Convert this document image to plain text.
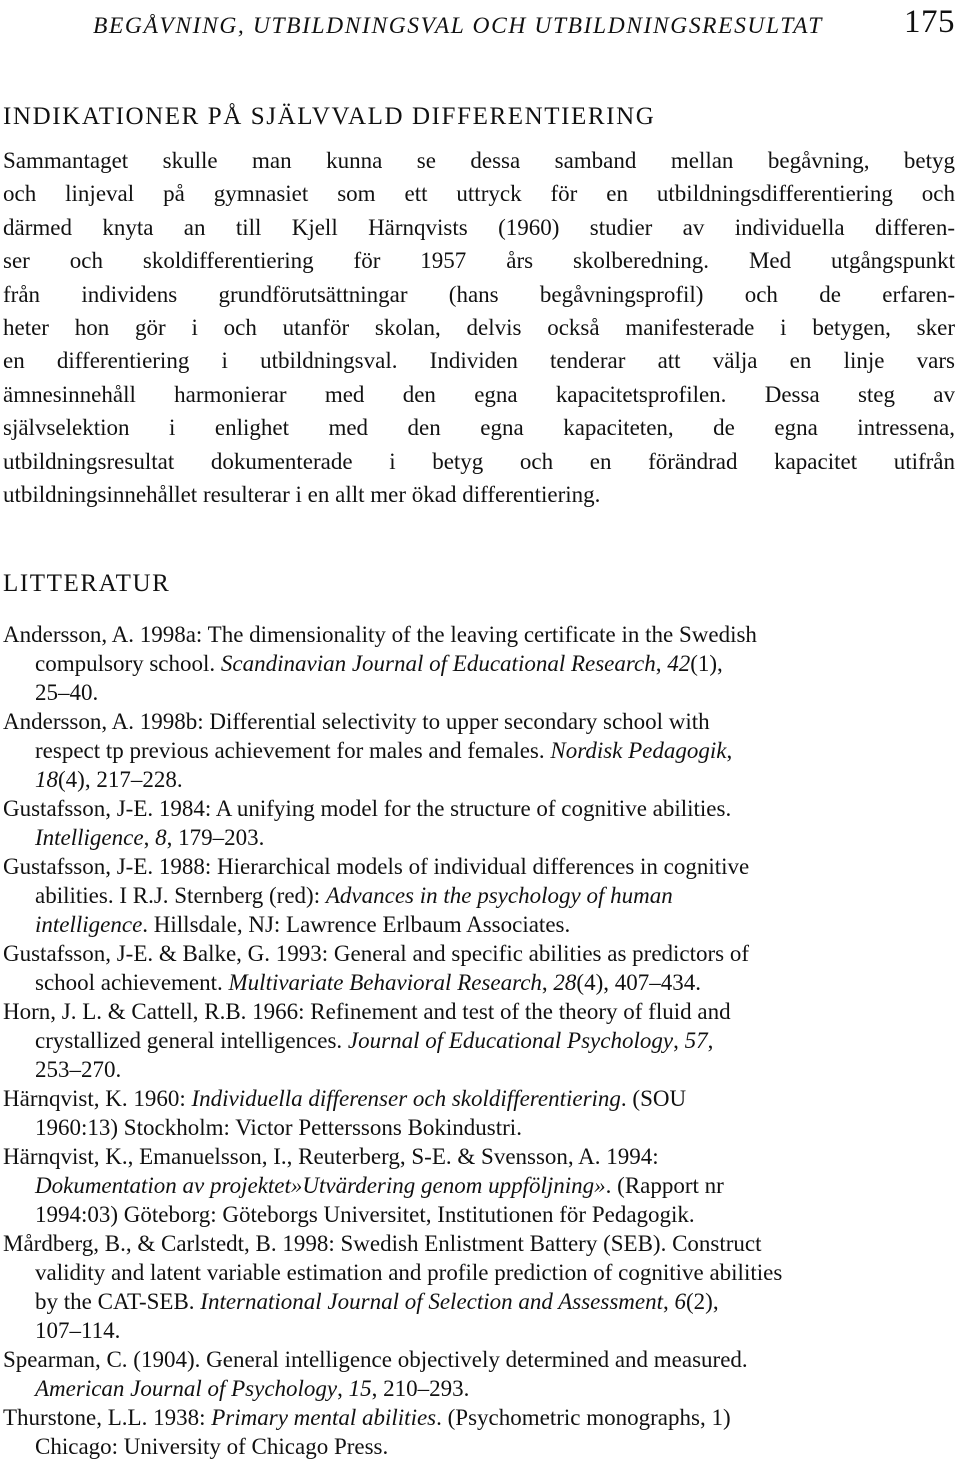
BEGÅVNING, UTBILDNINGSVAL OCH UTBILDNINGSRESULTAT 175
INDIKATIONER PÅ SJÄLVVALD DIFFERENTIERING
Sammantaget skulle man kunna se dessa samband mellan begåvning, betyg
och linjeval på gymnasiet som ett uttryck för en utbildningsdifferentiering och
därmed knyta an till Kjell Härnqvists (1960) studier av individuella differen-
ser och skoldifferentiering för 1957 års skolberedning. Med utgångspunkt
från individens grundförutsättningar (hans begåvningsprofil) och de erfaren-
heter hon gör i och utanför skolan, delvis också manifesterade i betygen, sker
en differentiering i utbildningsval. Individen tenderar att välja en linje vars
ämnesinnehåll harmonierar med den egna kapacitetsprofilen. Dessa steg av
självselektion i enlighet med den egna kapaciteten, de egna intressena,
utbildningsresultat dokumenterade i betyg och en förändrad kapacitet utifrån
utbildningsinnehållet resulterar i en allt mer ökad differentiering.
LITTERATUR
Andersson, A. 1998a: The dimensionality of the leaving certificate in the Swedish
compulsory school. Scandinavian Journal of Educational Research, 42(1),
25–40.
Andersson, A. 1998b: Differential selectivity to upper secondary school with
respect tp previous achievement for males and females. Nordisk Pedagogik,
18(4), 217–228.
Gustafsson, J-E. 1984: A unifying model for the structure of cognitive abilities.
Intelligence, 8, 179–203.
Gustafsson, J-E. 1988: Hierarchical models of individual differences in cognitive
abilities. I R.J. Sternberg (red): Advances in the psychology of human
intelligence. Hillsdale, NJ: Lawrence Erlbaum Associates.
Gustafsson, J-E. & Balke, G. 1993: General and specific abilities as predictors of
school achievement. Multivariate Behavioral Research, 28(4), 407–434.
Horn, J. L. & Cattell, R.B. 1966: Refinement and test of the theory of fluid and
crystallized general intelligences. Journal of Educational Psychology, 57,
253–270.
Härnqvist, K. 1960: Individuella differenser och skoldifferentiering. (SOU
1960:13) Stockholm: Victor Petterssons Bokindustri.
Härnqvist, K., Emanuelsson, I., Reuterberg, S-E. & Svensson, A. 1994:
Dokumentation av projektet»Utvärdering genom uppföljning». (Rapport nr
1994:03) Göteborg: Göteborgs Universitet, Institutionen för Pedagogik.
Mårdberg, B., & Carlstedt, B. 1998: Swedish Enlistment Battery (SEB). Construct
validity and latent variable estimation and profile prediction of cognitive abilities
by the CAT-SEB. International Journal of Selection and Assessment, 6(2),
107–114.
Spearman, C. (1904). General intelligence objectively determined and measured.
American Journal of Psychology, 15, 210–293.
Thurstone, L.L. 1938: Primary mental abilities. (Psychometric monographs, 1)
Chicago: University of Chicago Press.
